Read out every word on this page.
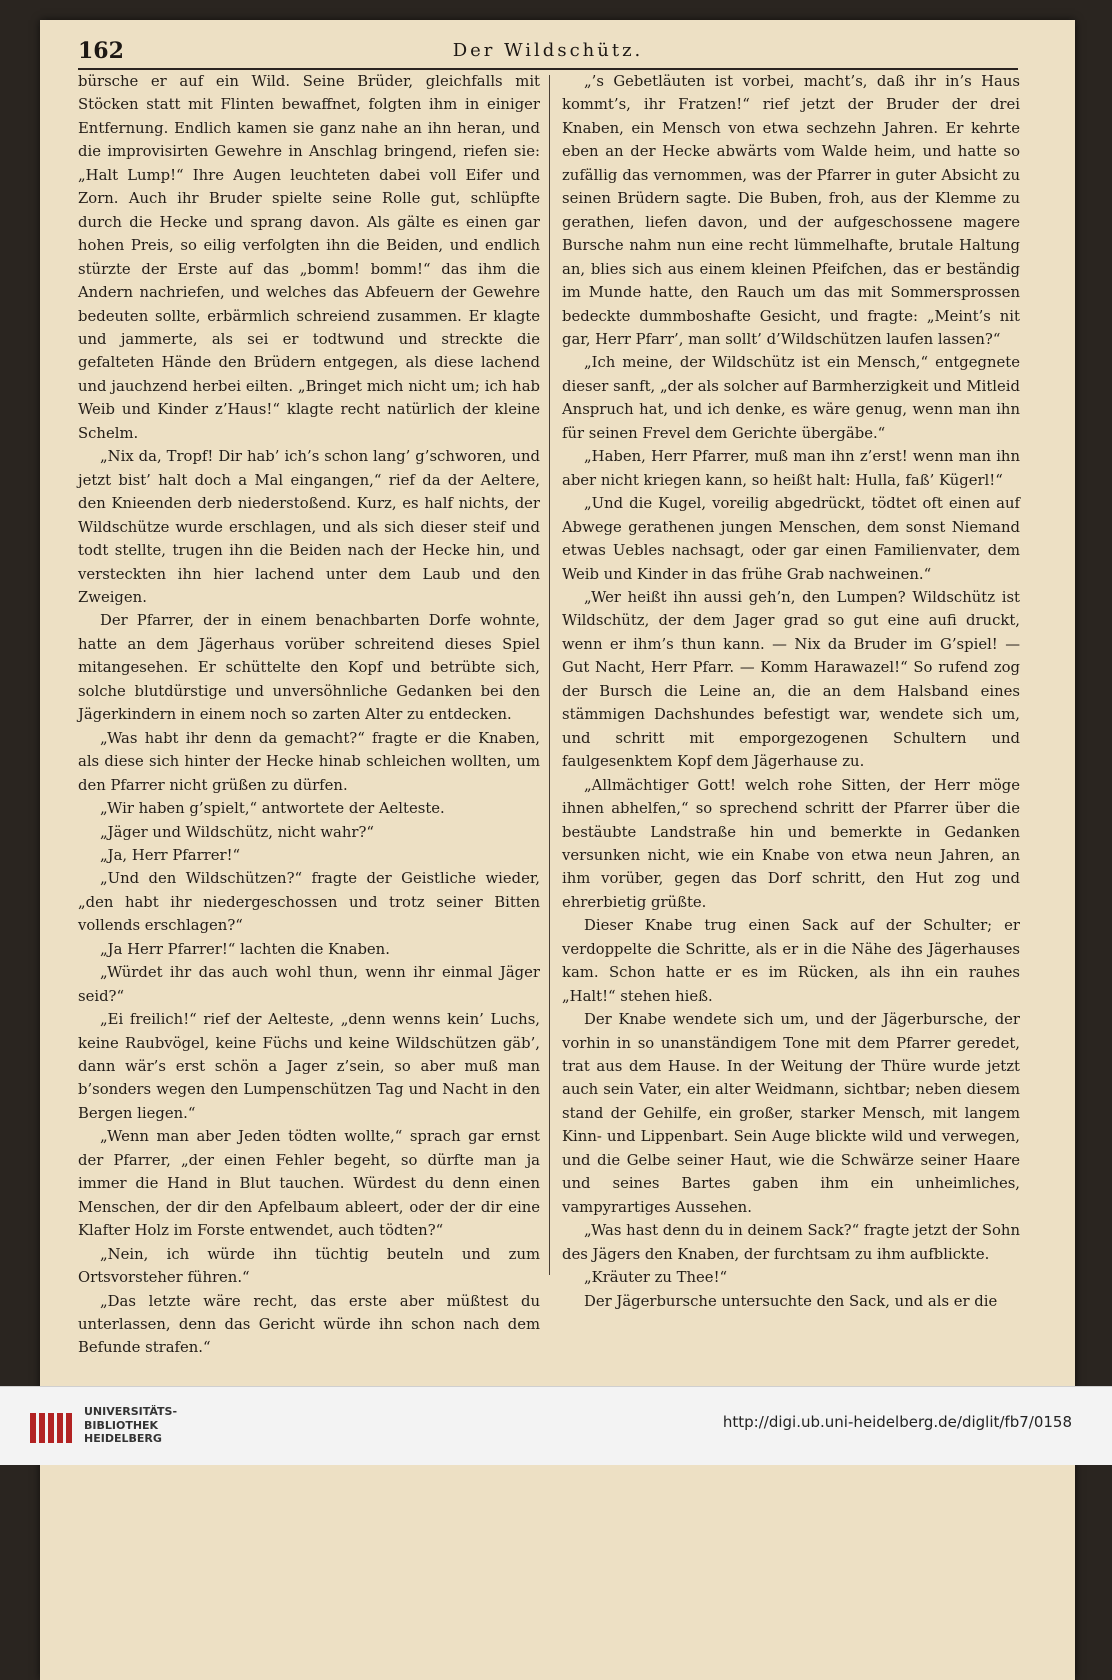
162	Der Wildschütz.

bürsche er auf ein Wild. Seine Brüder, gleichfalls mit Stöcken statt mit Flinten bewaffnet, folgten ihm in einiger Entfernung. Endlich kamen sie ganz nahe an ihn heran, und die improvisirten Gewehre in Anschlag bringend, riefen sie: „Halt Lump!“ Ihre Augen leuchteten dabei voll Eifer und Zorn. Auch ihr Bruder spielte seine Rolle gut, schlüpfte durch die Hecke und sprang davon. Als gälte es einen gar hohen Preis, so eilig verfolgten ihn die Beiden, und endlich stürzte der Erste auf das „bomm! bomm!“ das ihm die Andern nachriefen, und welches das Abfeuern der Gewehre bedeuten sollte, erbärmlich schreiend zusammen. Er klagte und jammerte, als sei er todtwund und streckte die gefalteten Hände den Brüdern entgegen, als diese lachend und jauchzend herbei eilten. „Bringet mich nicht um; ich hab Weib und Kinder z’Haus!“ klagte recht natürlich der kleine Schelm.

„Nix da, Tropf! Dir hab’ ich’s schon lang’ g’schworen, und jetzt bist’ halt doch a Mal eingangen,“ rief da der Aeltere, den Knieenden derb niederstoßend. Kurz, es half nichts, der Wildschütze wurde erschlagen, und als sich dieser steif und todt stellte, trugen ihn die Beiden nach der Hecke hin, und versteckten ihn hier lachend unter dem Laub und den Zweigen.

Der Pfarrer, der in einem benachbarten Dorfe wohnte, hatte an dem Jägerhaus vorüber schreitend dieses Spiel mitangesehen. Er schüttelte den Kopf und betrübte sich, solche blutdürstige und unversöhnliche Gedanken bei den Jägerkindern in einem noch so zarten Alter zu entdecken.

„Was habt ihr denn da gemacht?“ fragte er die Knaben, als diese sich hinter der Hecke hinab schleichen wollten, um den Pfarrer nicht grüßen zu dürfen.

„Wir haben g’spielt,“ antwortete der Aelteste.

„Jäger und Wildschütz, nicht wahr?“

„Ja, Herr Pfarrer!“

„Und den Wildschützen?“ fragte der Geistliche wieder, „den habt ihr niedergeschossen und trotz seiner Bitten vollends erschlagen?“

„Ja Herr Pfarrer!“ lachten die Knaben.

„Würdet ihr das auch wohl thun, wenn ihr einmal Jäger seid?“

„Ei freilich!“ rief der Aelteste, „denn wenns kein’ Luchs, keine Raubvögel, keine Füchs und keine Wildschützen gäb’, dann wär’s erst schön a Jager z’sein, so aber muß man b’sonders wegen den Lumpenschützen Tag und Nacht in den Bergen liegen.“

„Wenn man aber Jeden tödten wollte,“ sprach gar ernst der Pfarrer, „der einen Fehler begeht, so dürfte man ja immer die Hand in Blut tauchen. Würdest du denn einen Menschen, der dir den Apfelbaum ableert, oder der dir eine Klafter Holz im Forste entwendet, auch tödten?“

„Nein, ich würde ihn tüchtig beuteln und zum Ortsvorsteher führen.“

„Das letzte wäre recht, das erste aber müßtest du unterlassen, denn das Gericht würde ihn schon nach dem Befunde strafen.“

„’s Gebetläuten ist vorbei, macht’s, daß ihr in’s Haus kommt’s, ihr Fratzen!“ rief jetzt der Bruder der drei Knaben, ein Mensch von etwa sechzehn Jahren. Er kehrte eben an der Hecke abwärts vom Walde heim, und hatte so zufällig das vernommen, was der Pfarrer in guter Absicht zu seinen Brüdern sagte. Die Buben, froh, aus der Klemme zu gerathen, liefen davon, und der aufgeschossene magere Bursche nahm nun eine recht lümmelhafte, brutale Haltung an, blies sich aus einem kleinen Pfeifchen, das er beständig im Munde hatte, den Rauch um das mit Sommersprossen bedeckte dummboshafte Gesicht, und fragte: „Meint’s nit gar, Herr Pfarr’, man sollt’ d’Wildschützen laufen lassen?“

„Ich meine, der Wildschütz ist ein Mensch,“ entgegnete dieser sanft, „der als solcher auf Barmherzigkeit und Mitleid Anspruch hat, und ich denke, es wäre genug, wenn man ihn für seinen Frevel dem Gerichte übergäbe.“

„Haben, Herr Pfarrer, muß man ihn z’erst! wenn man ihn aber nicht kriegen kann, so heißt halt: Hulla, faß’ Kügerl!“

„Und die Kugel, voreilig abgedrückt, tödtet oft einen auf Abwege gerathenen jungen Menschen, dem sonst Niemand etwas Uebles nachsagt, oder gar einen Familienvater, dem Weib und Kinder in das frühe Grab nachweinen.“

„Wer heißt ihn aussi geh’n, den Lumpen? Wildschütz ist Wildschütz, der dem Jager grad so gut eine aufi druckt, wenn er ihm’s thun kann. — Nix da Bruder im G’spiel! — Gut Nacht, Herr Pfarr. — Komm Harawazel!“ So rufend zog der Bursch die Leine an, die an dem Halsband eines stämmigen Dachshundes befestigt war, wendete sich um, und schritt mit emporgezogenen Schultern und faulgesenktem Kopf dem Jägerhause zu.

„Allmächtiger Gott! welch rohe Sitten, der Herr möge ihnen abhelfen,“ so sprechend schritt der Pfarrer über die bestäubte Landstraße hin und bemerkte in Gedanken versunken nicht, wie ein Knabe von etwa neun Jahren, an ihm vorüber, gegen das Dorf schritt, den Hut zog und ehrerbietig grüßte.

Dieser Knabe trug einen Sack auf der Schulter; er verdoppelte die Schritte, als er in die Nähe des Jägerhauses kam. Schon hatte er es im Rücken, als ihn ein rauhes „Halt!“ stehen hieß.

Der Knabe wendete sich um, und der Jägerbursche, der vorhin in so unanständigem Tone mit dem Pfarrer geredet, trat aus dem Hause. In der Weitung der Thüre wurde jetzt auch sein Vater, ein alter Weidmann, sichtbar; neben diesem stand der Gehilfe, ein großer, starker Mensch, mit langem Kinn- und Lippenbart. Sein Auge blickte wild und verwegen, und die Gelbe seiner Haut, wie die Schwärze seiner Haare und seines Bartes gaben ihm ein unheimliches, vampyrartiges Aussehen.

„Was hast denn du in deinem Sack?“ fragte jetzt der Sohn des Jägers den Knaben, der furchtsam zu ihm aufblickte.

„Kräuter zu Thee!“

Der Jägerbursche untersuchte den Sack, und als er die

UNIVERSITÄTS-
BIBLIOTHEK
HEIDELBERG
http://digi.ub.uni-heidelberg.de/diglit/fb7/0158
